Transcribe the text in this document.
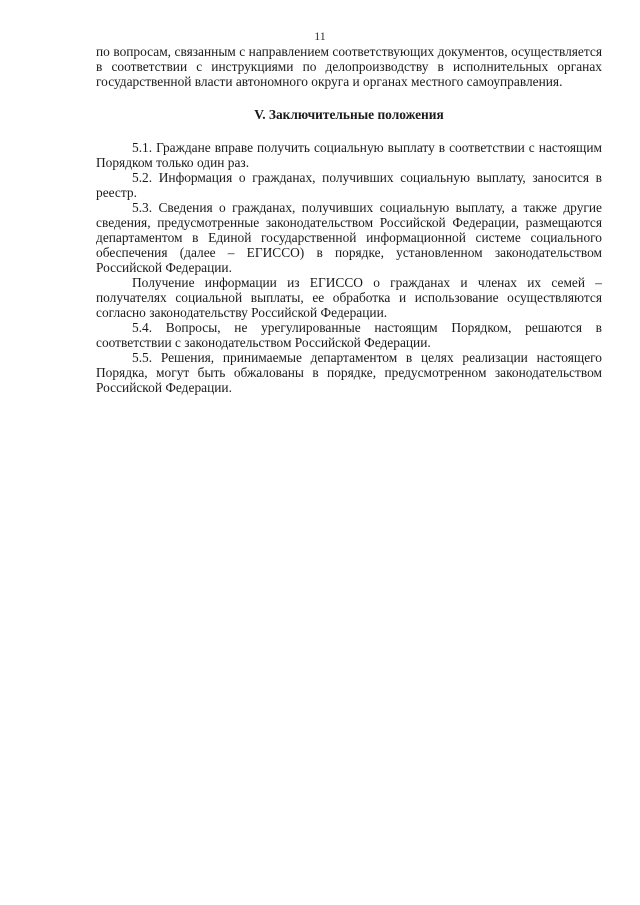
11

по вопросам, связанным с направлением соответствующих документов, осуществляется в соответствии с инструкциями по делопроизводству в исполнительных органах государственной власти автономного округа и органах местного самоуправления.

V. Заключительные положения

5.1. Граждане вправе получить социальную выплату в соответствии с настоящим Порядком только один раз.

5.2. Информация о гражданах, получивших социальную выплату, заносится в реестр.

5.3. Сведения о гражданах, получивших социальную выплату, а также другие сведения, предусмотренные законодательством Российской Федерации, размещаются департаментом в Единой государственной информационной системе социального обеспечения (далее – ЕГИССО) в порядке, установленном законодательством Российской Федерации.

Получение информации из ЕГИССО о гражданах и членах их семей – получателях социальной выплаты, ее обработка и использование осуществляются согласно законодательству Российской Федерации.

5.4. Вопросы, не урегулированные настоящим Порядком, решаются в соответствии с законодательством Российской Федерации.

5.5. Решения, принимаемые департаментом в целях реализации настоящего Порядка, могут быть обжалованы в порядке, предусмотренном законодательством Российской Федерации.
